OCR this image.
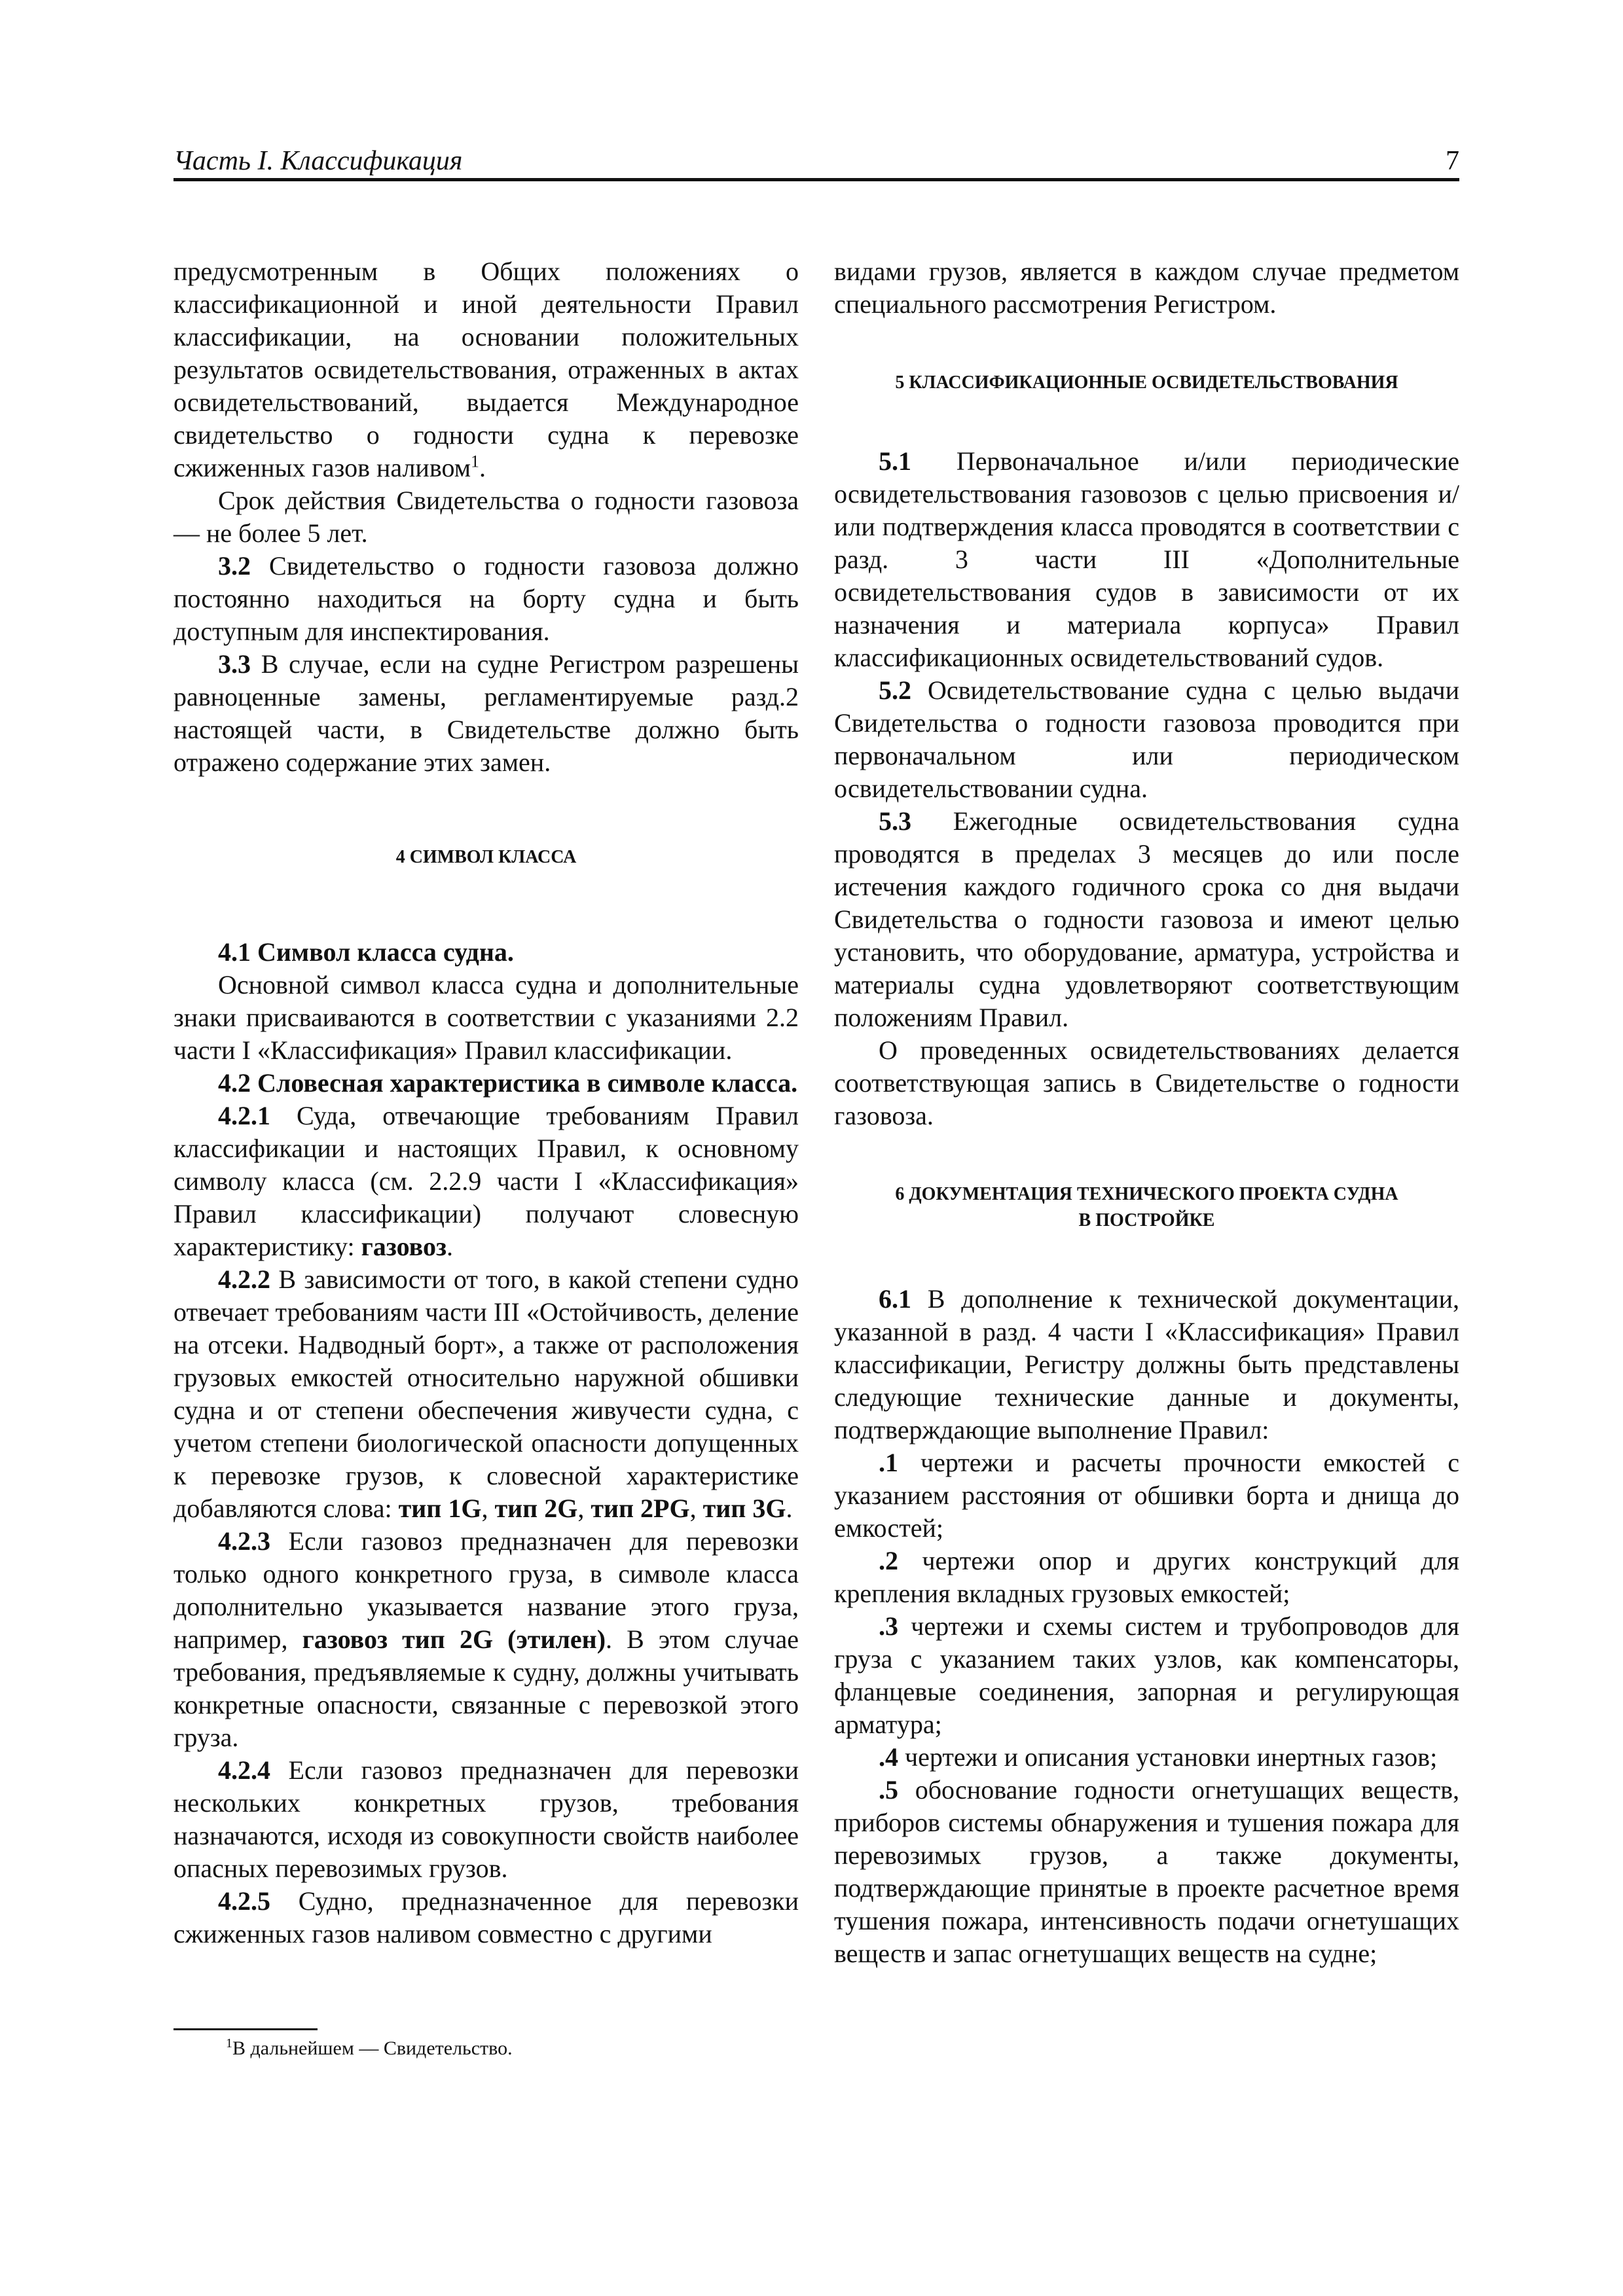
Часть I. Классификация	7

предусмотренным в Общих положениях о классификационной и иной деятельности Правил классификации, на основании положительных результатов освидетельствования, отраженных в актах освидетельствований, выдается Международное свидетельство о годности судна к перевозке сжиженных газов наливом$^1$.

Срок действия Свидетельства о годности газовоза — не более 5 лет.

3.2 Свидетельство о годности газовоза должно постоянно находиться на борту судна и быть доступным для инспектирования.

3.3 В случае, если на судне Регистром разрешены равноценные замены, регламентируемые разд.2 настоящей части, в Свидетельстве должно быть отражено содержание этих замен.

4 СИМВОЛ КЛАССА

4.1 Символ класса судна.

Основной символ класса судна и дополнительные знаки присваиваются в соответствии с указаниями 2.2 части I «Классификация» Правил классификации.

4.2 Словесная характеристика в символе класса.

4.2.1 Суда, отвечающие требованиям Правил классификации и настоящих Правил, к основному символу класса (см. 2.2.9 части I «Классификация» Правил классификации) получают словесную характеристику: газовоз.

4.2.2 В зависимости от того, в какой степени судно отвечает требованиям части III «Остойчивость, деление на отсеки. Надводный борт», а также от расположения грузовых емкостей относительно наружной обшивки судна и от степени обеспечения живучести судна, с учетом степени биологической опасности допущенных к перевозке грузов, к словесной характеристике добавляются слова: тип 1G, тип 2G, тип 2PG, тип 3G.

4.2.3 Если газовоз предназначен для перевозки только одного конкретного груза, в символе класса дополнительно указывается название этого груза, например, газовоз тип 2G (этилен). В этом случае требования, предъявляемые к судну, должны учитывать конкретные опасности, связанные с перевозкой этого груза.

4.2.4 Если газовоз предназначен для перевозки нескольких конкретных грузов, требования назначаются, исходя из совокупности свойств наиболее опасных перевозимых грузов.

4.2.5 Судно, предназначенное для перевозки сжиженных газов наливом совместно с другими

видами грузов, является в каждом случае предметом специального рассмотрения Регистром.

5 КЛАССИФИКАЦИОННЫЕ ОСВИДЕТЕЛЬСТВОВАНИЯ

5.1 Первоначальное и/или периодические освидетельствования газовозов с целью присвоения и/или подтверждения класса проводятся в соответствии с разд. 3 части III «Дополнительные освидетельствования судов в зависимости от их назначения и материала корпуса» Правил классификационных освидетельствований судов.

5.2 Освидетельствование судна с целью выдачи Свидетельства о годности газовоза проводится при первоначальном или периодическом освидетельствовании судна.

5.3 Ежегодные освидетельствования судна проводятся в пределах 3 месяцев до или после истечения каждого годичного срока со дня выдачи Свидетельства о годности газовоза и имеют целью установить, что оборудование, арматура, устройства и материалы судна удовлетворяют соответствующим положениям Правил.

О проведенных освидетельствованиях делается соответствующая запись в Свидетельстве о годности газовоза.

6 ДОКУМЕНТАЦИЯ ТЕХНИЧЕСКОГО ПРОЕКТА СУДНА
В ПОСТРОЙКЕ

6.1 В дополнение к технической документации, указанной в разд. 4 части I «Классификация» Правил классификации, Регистру должны быть представлены следующие технические данные и документы, подтверждающие выполнение Правил:

.1 чертежи и расчеты прочности емкостей с указанием расстояния от обшивки борта и днища до емкостей;

.2 чертежи опор и других конструкций для крепления вкладных грузовых емкостей;

.3 чертежи и схемы систем и трубопроводов для груза с указанием таких узлов, как компенсаторы, фланцевые соединения, запорная и регулирующая арматура;

.4 чертежи и описания установки инертных газов;

.5 обоснование годности огнетушащих веществ, приборов системы обнаружения и тушения пожара для перевозимых грузов, а также документы, подтверждающие принятые в проекте расчетное время тушения пожара, интенсивность подачи огнетушащих веществ и запас огнетушащих веществ на судне;

$^1$В дальнейшем — Свидетельство.
